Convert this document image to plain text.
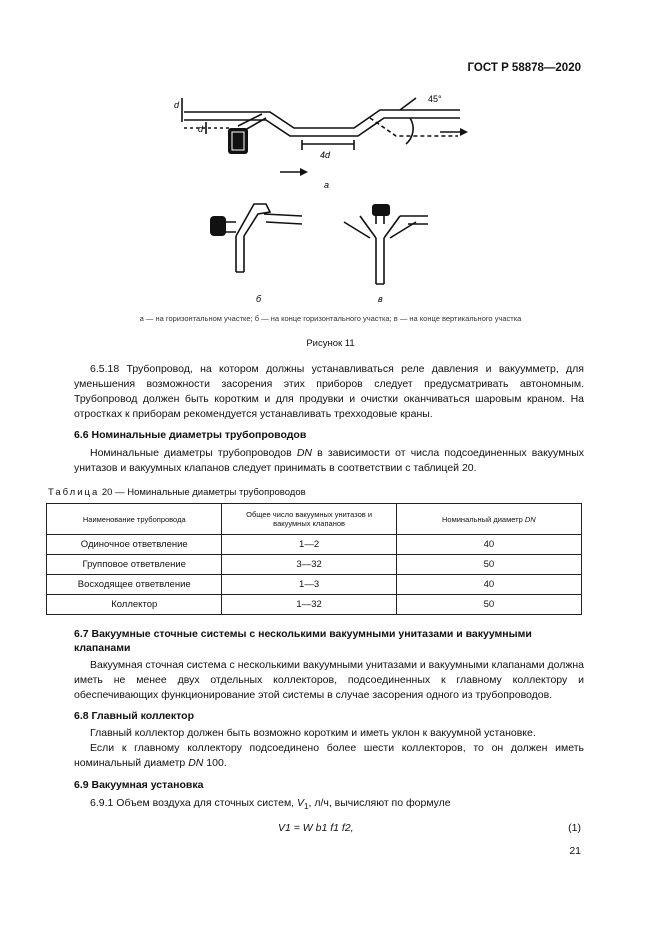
ГОСТ Р 58878—2020
45°
d
d
4d
а
б	в
а — на горизонтальном участке; б — на конце горизонтального участка; в — на конце вертикального участка
Рисунок 11

6.5.18 Трубопровод, на котором должны устанавливаться реле давления и вакуумметр, для уменьшения возможности засорения этих приборов следует предусматривать автономным. Трубопровод должен быть коротким и для продувки и очистки оканчиваться шаровым краном. На отростках к приборам рекомендуется устанавливать трехходовые краны.

6.6 Номинальные диаметры трубопроводов

Номинальные диаметры трубопроводов DN в зависимости от числа подсоединенных вакуумных унитазов и вакуумных клапанов следует принимать в соответствии с таблицей 20.

Таблица 20 — Номинальные диаметры трубопроводов
Наименование трубопровода	Общее число вакуумных унитазов и вакуумных клапанов	Номинальный диаметр DN
Одиночное ответвление	1—2	40
Групповое ответвление	3—32	50
Восходящее ответвление	1—3	40
Коллектор	1—32	50
6.7 Вакуумные сточные системы с несколькими вакуумными унитазами и вакуумными клапанами

Вакуумная сточная система с несколькими вакуумными унитазами и вакуумными клапанами должна иметь не менее двух отдельных коллекторов, подсоединенных к главному коллектору и обеспечивающих функционирование этой системы в случае засорения одного из трубопроводов.

6.8 Главный коллектор

Главный коллектор должен быть возможно коротким и иметь уклон к вакуумной установке.

Если к главному коллектору подсоединено более шести коллекторов, то он должен иметь номинальный диаметр DN 100.

6.9 Вакуумная установка

6.9.1 Объем воздуха для сточных систем, $V_1$, л/ч, вычисляют по формуле

V1 = W b1 f1 f2,	(1)
21
